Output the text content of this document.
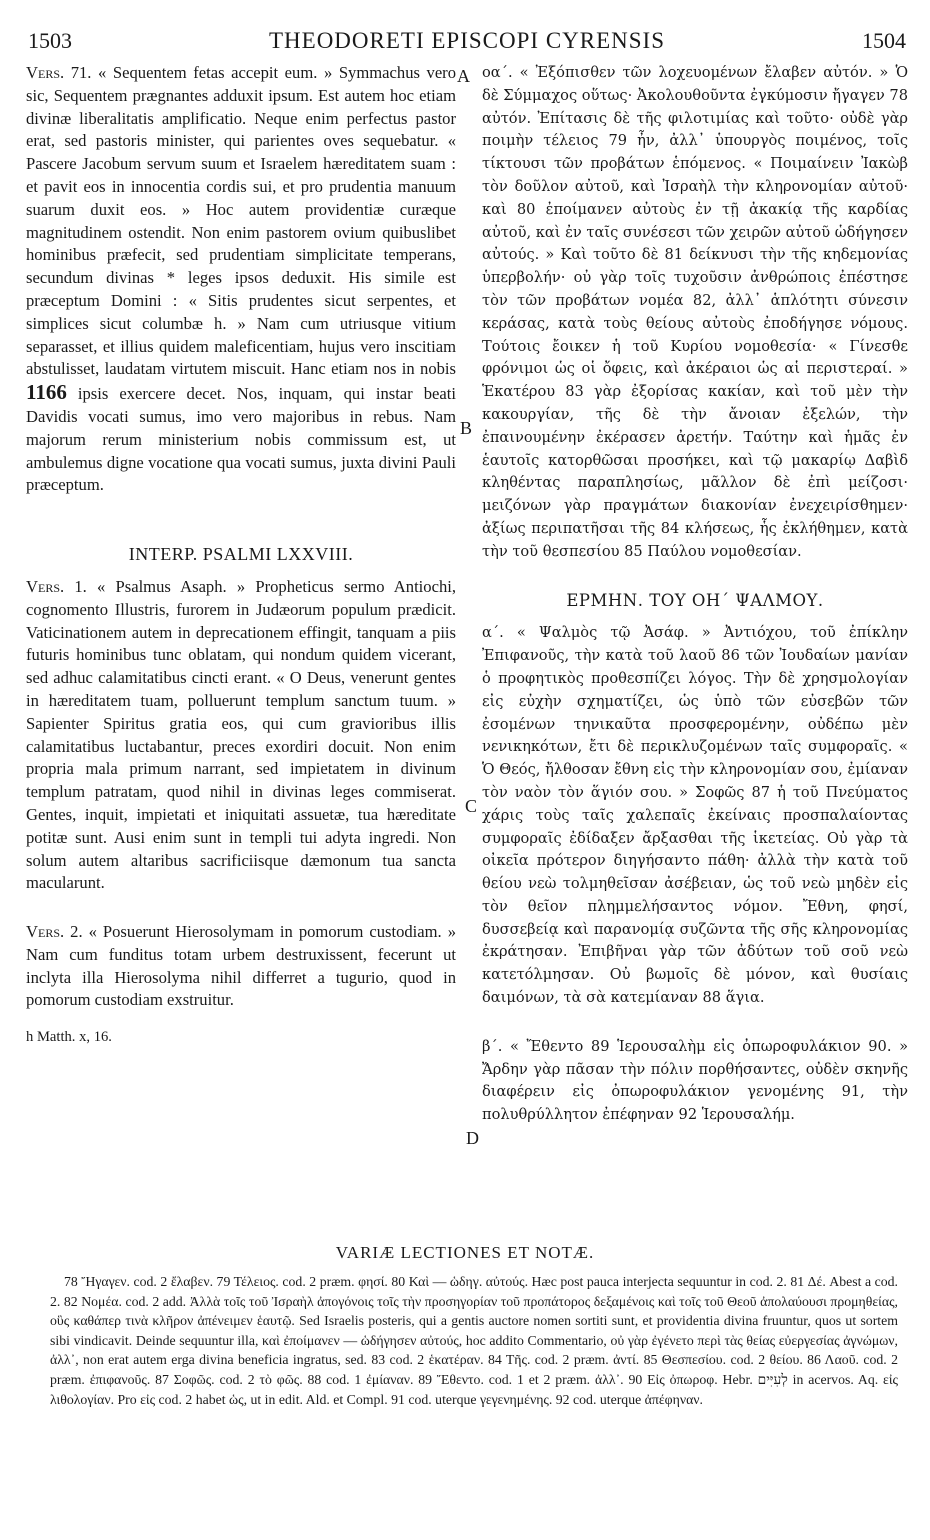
1503	THEODORETI EPISCOPI CYRENSIS	1504
A
B
C
D

Vers. 71. « Sequentem fetas accepit eum. » Symmachus vero sic, Sequentem prægnantes adduxit ipsum. Est autem hoc etiam divinæ liberalitatis amplificatio. Neque enim perfectus pastor erat, sed pastoris minister, qui parientes oves sequebatur. « Pascere Jacobum servum suum et Israelem hæreditatem suam : et pavit eos in innocentia cordis sui, et pro prudentia manuum suarum duxit eos. » Hoc autem providentiæ curæque magnitudinem ostendit. Non enim pastorem ovium quibuslibet hominibus præfecit, sed prudentiam simplicitate temperans, secundum divinas * leges ipsos deduxit. His simile est præceptum Domini : « Sitis prudentes sicut serpentes, et simplices sicut columbæ h. » Nam cum utriusque vitium separasset, et illius quidem maleficentiam, hujus vero inscitiam abstulisset, laudatam virtutem miscuit. Hanc etiam nos in nobis 1166 ipsis exercere decet. Nos, inquam, qui instar beati Davidis vocati sumus, imo vero majoribus in rebus. Nam majorum rerum ministerium nobis commissum est, ut ambulemus digne vocatione qua vocati sumus, juxta divini Pauli præceptum.

INTERP. PSALMI LXXVIII.

Vers. 1. « Psalmus Asaph. » Propheticus sermo Antiochi, cognomento Illustris, furorem in Judæorum populum prædicit. Vaticinationem autem in deprecationem effingit, tanquam a piis futuris hominibus tunc oblatam, qui nondum quidem vicerant, sed adhuc calamitatibus cincti erant. « O Deus, venerunt gentes in hæreditatem tuam, polluerunt templum sanctum tuum. » Sapienter Spiritus gratia eos, qui cum gravioribus illis calamitatibus luctabantur, preces exordiri docuit. Non enim propria mala primum narrant, sed impietatem in divinum templum patratam, quod nihil in divinas leges commiserat. Gentes, inquit, impietati et iniquitati assuetæ, tua hæreditate potitæ sunt. Ausi enim sunt in templi tui adyta ingredi. Non solum autem altaribus sacrificiisque dæmonum tua sancta macularunt.

Vers. 2. « Posuerunt Hierosolymam in pomorum custodiam. » Nam cum funditus totam urbem destruxissent, fecerunt ut inclyta illa Hierosolyma nihil differret a tugurio, quod in pomorum custodiam exstruitur.

h Matth. x, 16.

οα΄. « Ἐξόπισθεν τῶν λοχευομένων ἔλαβεν αὐτόν. » Ὁ δὲ Σύμμαχος οὕτως· Ἀκολουθοῦντα ἐγκύμοσιν ἤγαγεν 78 αὐτόν. Ἐπίτασις δὲ τῆς φιλοτιμίας καὶ τοῦτο· οὐδὲ γὰρ ποιμὴν τέλειος 79 ἦν, ἀλλ᾽ ὑπουργὸς ποιμένος, τοῖς τίκτουσι τῶν προβάτων ἑπόμενος. « Ποιμαίνειν Ἰακὼβ τὸν δοῦλον αὐτοῦ, καὶ Ἰσραὴλ τὴν κληρονομίαν αὐτοῦ· καὶ 80 ἐποίμανεν αὐτοὺς ἐν τῇ ἀκακίᾳ τῆς καρδίας αὐτοῦ, καὶ ἐν ταῖς συνέσεσι τῶν χειρῶν αὐτοῦ ὡδήγησεν αὐτούς. » Καὶ τοῦτο δὲ 81 δείκνυσι τὴν τῆς κηδεμονίας ὑπερβολήν· οὐ γὰρ τοῖς τυχοῦσιν ἀνθρώποις ἐπέστησε τὸν τῶν προβάτων νομέα 82, ἀλλ᾽ ἁπλότητι σύνεσιν κεράσας, κατὰ τοὺς θείους αὐτοὺς ἐποδήγησε νόμους. Τούτοις ἔοικεν ἡ τοῦ Κυρίου νομοθεσία· « Γίνεσθε φρόνιμοι ὡς οἱ ὄφεις, καὶ ἀκέραιοι ὡς αἱ περιστεραί. » Ἑκατέρου 83 γὰρ ἐξορίσας κακίαν, καὶ τοῦ μὲν τὴν κακουργίαν, τῆς δὲ τὴν ἄνοιαν ἐξελών, τὴν ἐπαινουμένην ἐκέρασεν ἀρετήν. Ταύτην καὶ ἡμᾶς ἐν ἑαυτοῖς κατορθῶσαι προσήκει, καὶ τῷ μακαρίῳ Δαβὶδ κληθέντας παραπλησίως, μᾶλλον δὲ ἐπὶ μείζοσι· μειζόνων γὰρ πραγμάτων διακονίαν ἐνεχειρίσθημεν· ἀξίως περιπατῆσαι τῆς 84 κλήσεως, ἧς ἐκλήθημεν, κατὰ τὴν τοῦ θεσπεσίου 85 Παύλου νομοθεσίαν.

ΕΡΜΗΝ. ΤΟΥ ΟΗ΄ ΨΑΛΜΟΥ.

α΄. « Ψαλμὸς τῷ Ἀσάφ. » Ἀντιόχου, τοῦ ἐπίκλην Ἐπιφανοῦς, τὴν κατὰ τοῦ λαοῦ 86 τῶν Ἰουδαίων μανίαν ὁ προφητικὸς προθεσπίζει λόγος. Τὴν δὲ χρησμολογίαν εἰς εὐχὴν σχηματίζει, ὡς ὑπὸ τῶν εὐσεβῶν τῶν ἐσομένων τηνικαῦτα προσφερομένην, οὐδέπω μὲν νενικηκότων, ἔτι δὲ περικλυζομένων ταῖς συμφοραῖς. « Ὁ Θεός, ἤλθοσαν ἔθνη εἰς τὴν κληρονομίαν σου, ἐμίαναν τὸν ναὸν τὸν ἅγιόν σου. » Σοφῶς 87 ἡ τοῦ Πνεύματος χάρις τοὺς ταῖς χαλεπαῖς ἐκείναις προσπαλαίοντας συμφοραῖς ἐδίδαξεν ἄρξασθαι τῆς ἱκετείας. Οὐ γὰρ τὰ οἰκεῖα πρότερον διηγήσαντο πάθη· ἀλλὰ τὴν κατὰ τοῦ θείου νεὼ τολμηθεῖσαν ἀσέβειαν, ὡς τοῦ νεὼ μηδὲν εἰς τὸν θεῖον πλημμελήσαντος νόμον. Ἔθνη, φησί, δυσσεβείᾳ καὶ παρανομίᾳ συζῶντα τῆς σῆς κληρονομίας ἐκράτησαν. Ἐπιβῆναι γὰρ τῶν ἀδύτων τοῦ σοῦ νεὼ κατετόλμησαν. Οὐ βωμοῖς δὲ μόνον, καὶ θυσίαις δαιμόνων, τὰ σὰ κατεμίαναν 88 ἅγια.

β΄. « Ἔθεντο 89 Ἱερουσαλὴμ εἰς ὀπωροφυλάκιον 90. » Ἄρδην γὰρ πᾶσαν τὴν πόλιν πορθήσαντες, οὐδὲν σκηνῆς διαφέρειν εἰς ὀπωροφυλάκιον γενομένης 91, τὴν πολυθρύλλητον ἐπέφηναν 92 Ἱερουσαλήμ.

VARIÆ LECTIONES ET NOTÆ.

78 Ἤγαγεν. cod. 2 ἔλαβεν. 79 Τέλειος. cod. 2 præm. φησί. 80 Καὶ — ὡδηγ. αὐτούς. Hæc post pauca interjecta sequuntur in cod. 2. 81 Δέ. Abest a cod. 2. 82 Νομέα. cod. 2 add. Ἀλλὰ τοῖς τοῦ Ἰσραὴλ ἀπογόνοις τοῖς τὴν προσηγορίαν τοῦ προπάτορος δεξαμένοις καὶ τοῖς τοῦ Θεοῦ ἀπολαύουσι προμηθείας, οὓς καθάπερ τινὰ κλῆρον ἀπένειμεν ἑαυτῷ. Sed Israelis posteris, qui a gentis auctore nomen sortiti sunt, et providentia divina fruuntur, quos ut sortem sibi vindicavit. Deinde sequuntur illa, καὶ ἐποίμανεν — ὡδήγησεν αὐτούς, hoc addito Commentario, οὐ γὰρ ἐγένετο περὶ τὰς θείας εὐεργεσίας ἀγνώμων, ἀλλ᾽, non erat autem erga divina beneficia ingratus, sed. 83 cod. 2 ἑκατέραν. 84 Τῆς. cod. 2 præm. ἀντί. 85 Θεσπεσίου. cod. 2 θείου. 86 Λαοῦ. cod. 2 præm. ἐπιφανοῦς. 87 Σοφῶς. cod. 2 τὸ φῶς. 88 cod. 1 ἐμίαναν. 89 Ἔθεντο. cod. 1 et 2 præm. ἀλλ᾽. 90 Εἰς ὀπωροφ. Hebr. לְעִיִּים in acervos. Aq. εἰς λιθολογίαν. Pro εἰς cod. 2 habet ὡς, ut in edit. Ald. et Compl. 91 cod. uterque γεγενημένης. 92 cod. uterque ἀπέφηναν.
